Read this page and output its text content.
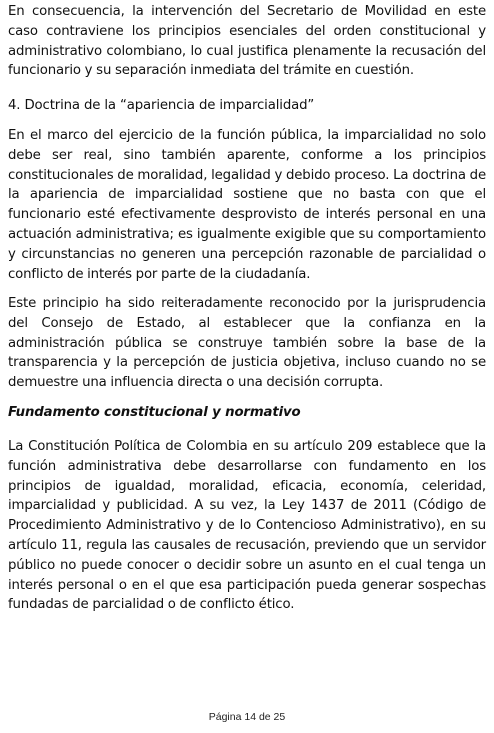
En consecuencia, la intervención del Secretario de Movilidad en este caso contraviene los principios esenciales del orden constitucional y administrativo colombiano, lo cual justifica plenamente la recusación del funcionario y su separación inmediata del trámite en cuestión.

4. Doctrina de la “apariencia de imparcialidad”

En el marco del ejercicio de la función pública, la imparcialidad no solo debe ser real, sino también aparente, conforme a los principios constitucionales de moralidad, legalidad y debido proceso. La doctrina de la apariencia de imparcialidad sostiene que no basta con que el funcionario esté efectivamente desprovisto de interés personal en una actuación administrativa; es igualmente exigible que su comportamiento y circunstancias no generen una percepción razonable de parcialidad o conflicto de interés por parte de la ciudadanía.

Este principio ha sido reiteradamente reconocido por la jurisprudencia del Consejo de Estado, al establecer que la confianza en la administración pública se construye también sobre la base de la transparencia y la percepción de justicia objetiva, incluso cuando no se demuestre una influencia directa o una decisión corrupta.

Fundamento constitucional y normativo

La Constitución Política de Colombia en su artículo 209 establece que la función administrativa debe desarrollarse con fundamento en los principios de igualdad, moralidad, eficacia, economía, celeridad, imparcialidad y publicidad. A su vez, la Ley 1437 de 2011 (Código de Procedimiento Administrativo y de lo Contencioso Administrativo), en su artículo 11, regula las causales de recusación, previendo que un servidor público no puede conocer o decidir sobre un asunto en el cual tenga un interés personal o en el que esa participación pueda generar sospechas fundadas de parcialidad o de conflicto ético.

Página 14 de 25
